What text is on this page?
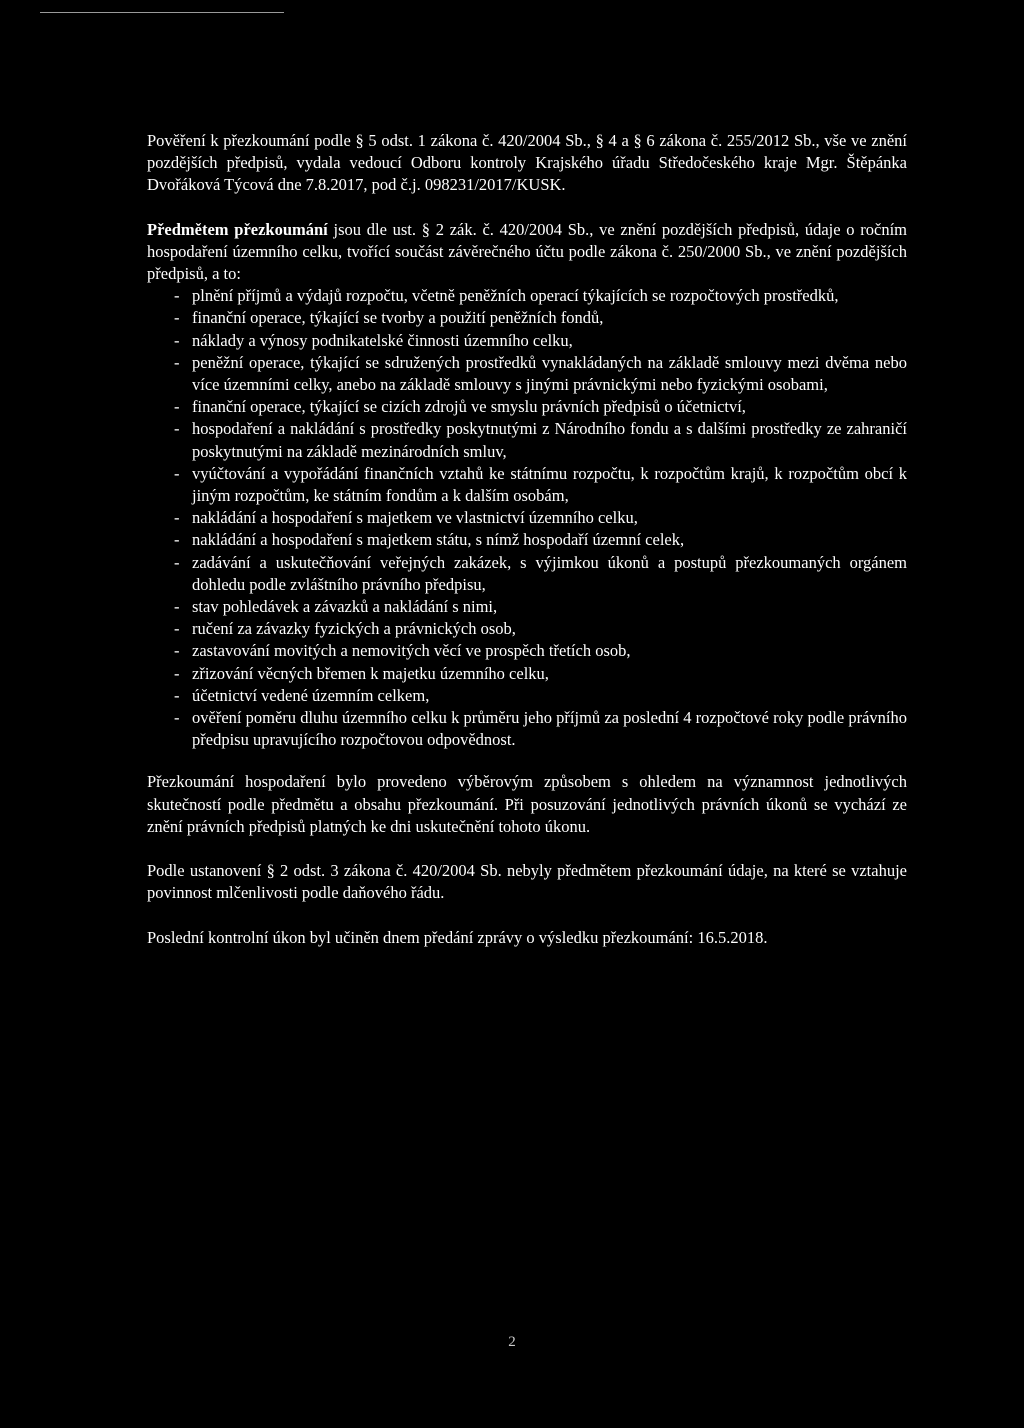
Pověření k přezkoumání podle § 5 odst. 1 zákona č. 420/2004 Sb., § 4 a § 6 zákona č. 255/2012 Sb., vše ve znění pozdějších předpisů, vydala vedoucí Odboru kontroly Krajského úřadu Středočeského kraje Mgr. Štěpánka Dvořáková Týcová dne 7.8.2017, pod č.j. 098231/2017/KUSK.

Předmětem přezkoumání jsou dle ust. § 2 zák. č. 420/2004 Sb., ve znění pozdějších předpisů, údaje o ročním hospodaření územního celku, tvořící součást závěrečného účtu podle zákona č. 250/2000 Sb., ve znění pozdějších předpisů, a to:

- plnění příjmů a výdajů rozpočtu, včetně peněžních operací týkajících se rozpočtových prostředků,
- finanční operace, týkající se tvorby a použití peněžních fondů,
- náklady a výnosy podnikatelské činnosti územního celku,
- peněžní operace, týkající se sdružených prostředků vynakládaných na základě smlouvy mezi dvěma nebo více územními celky, anebo na základě smlouvy s jinými právnickými nebo fyzickými osobami,
- finanční operace, týkající se cizích zdrojů ve smyslu právních předpisů o účetnictví,
- hospodaření a nakládání s prostředky poskytnutými z Národního fondu a s dalšími prostředky ze zahraničí poskytnutými na základě mezinárodních smluv,
- vyúčtování a vypořádání finančních vztahů ke státnímu rozpočtu, k rozpočtům krajů, k rozpočtům obcí k jiným rozpočtům, ke státním fondům a k dalším osobám,
- nakládání a hospodaření s majetkem ve vlastnictví územního celku,
- nakládání a hospodaření s majetkem státu, s nímž hospodaří územní celek,
- zadávání a uskutečňování veřejných zakázek, s výjimkou úkonů a postupů přezkoumaných orgánem dohledu podle zvláštního právního předpisu,
- stav pohledávek a závazků a nakládání s nimi,
- ručení za závazky fyzických a právnických osob,
- zastavování movitých a nemovitých věcí ve prospěch třetích osob,
- zřizování věcných břemen k majetku územního celku,
- účetnictví vedené územním celkem,
- ověření poměru dluhu územního celku k průměru jeho příjmů za poslední 4 rozpočtové roky podle právního předpisu upravujícího rozpočtovou odpovědnost.

Přezkoumání hospodaření bylo provedeno výběrovým způsobem s ohledem na významnost jednotlivých skutečností podle předmětu a obsahu přezkoumání. Při posuzování jednotlivých právních úkonů se vychází ze znění právních předpisů platných ke dni uskutečnění tohoto úkonu.

Podle ustanovení § 2 odst. 3 zákona č. 420/2004 Sb. nebyly předmětem přezkoumání údaje, na které se vztahuje povinnost mlčenlivosti podle daňového řádu.

Poslední kontrolní úkon byl učiněn dnem předání zprávy o výsledku přezkoumání: 16.5.2018.

2
